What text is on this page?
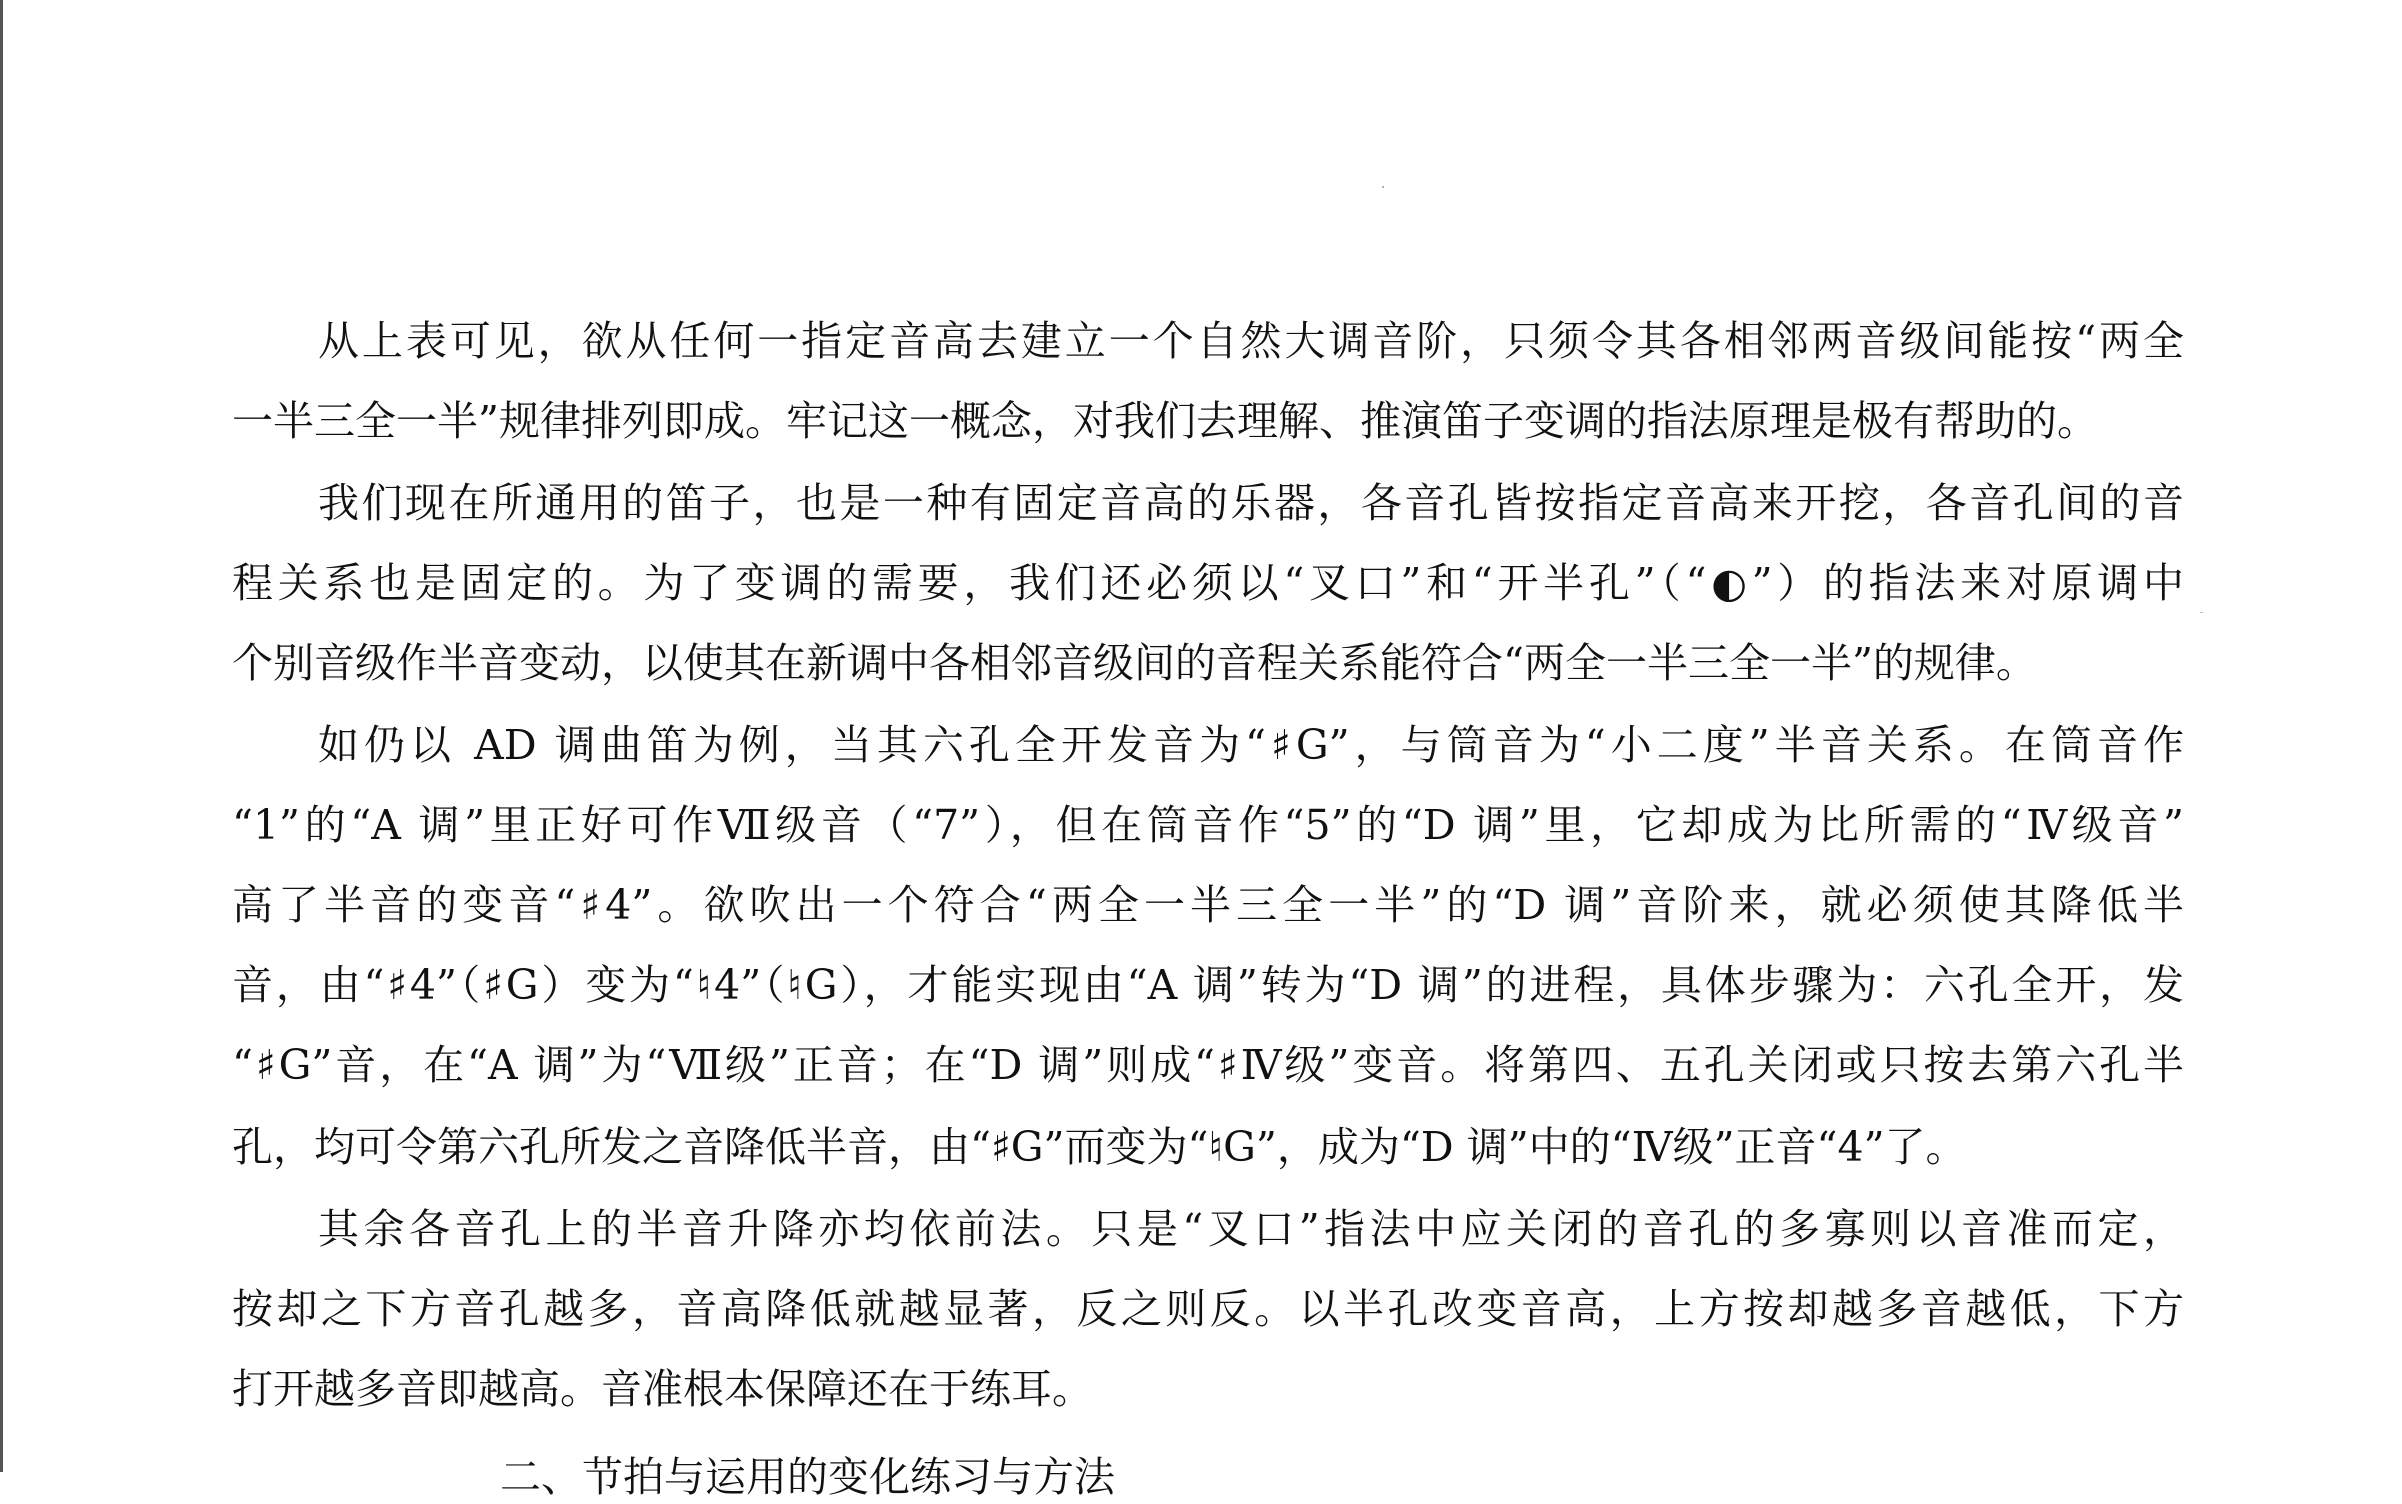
从上表可见，欲从任何一指定音高去建立一个自然大调音阶，只须令其各相邻两音级间能按“两全

一半三全一半”规律排列即成。牢记这一概念，对我们去理解、推演笛子变调的指法原理是极有帮助的。

我们现在所通用的笛子，也是一种有固定音高的乐器，各音孔皆按指定音高来开挖，各音孔间的音

程关系也是固定的。为了变调的需要，我们还必须以“叉口”和“开半孔”（“◐”）的指法来对原调中

个别音级作半音变动，以使其在新调中各相邻音级间的音程关系能符合“两全一半三全一半”的规律。

如仍以 AD 调曲笛为例，当其六孔全开发音为“♯G”，与筒音为“小二度”半音关系。在筒音作

“1”的“A 调”里正好可作Ⅶ级音（“7”），但在筒音作“5”的“D 调”里，它却成为比所需的“Ⅳ级音”

高了半音的变音“♯4”。欲吹出一个符合“两全一半三全一半”的“D 调”音阶来，就必须使其降低半

音，由“♯4”（♯G）变为“♮4”（♮G），才能实现由“A 调”转为“D 调”的进程，具体步骤为：六孔全开，发

“♯G”音，在“A 调”为“Ⅶ级”正音；在“D 调”则成“♯Ⅳ级”变音。将第四、五孔关闭或只按去第六孔半

孔，均可令第六孔所发之音降低半音，由“♯G”而变为“♮G”，成为“D 调”中的“Ⅳ级”正音“4”了。

其余各音孔上的半音升降亦均依前法。只是“叉口”指法中应关闭的音孔的多寡则以音准而定，

按却之下方音孔越多，音高降低就越显著，反之则反。以半孔改变音高，上方按却越多音越低，下方

打开越多音即越高。音准根本保障还在于练耳。

二、节拍与运用的变化练习与方法
